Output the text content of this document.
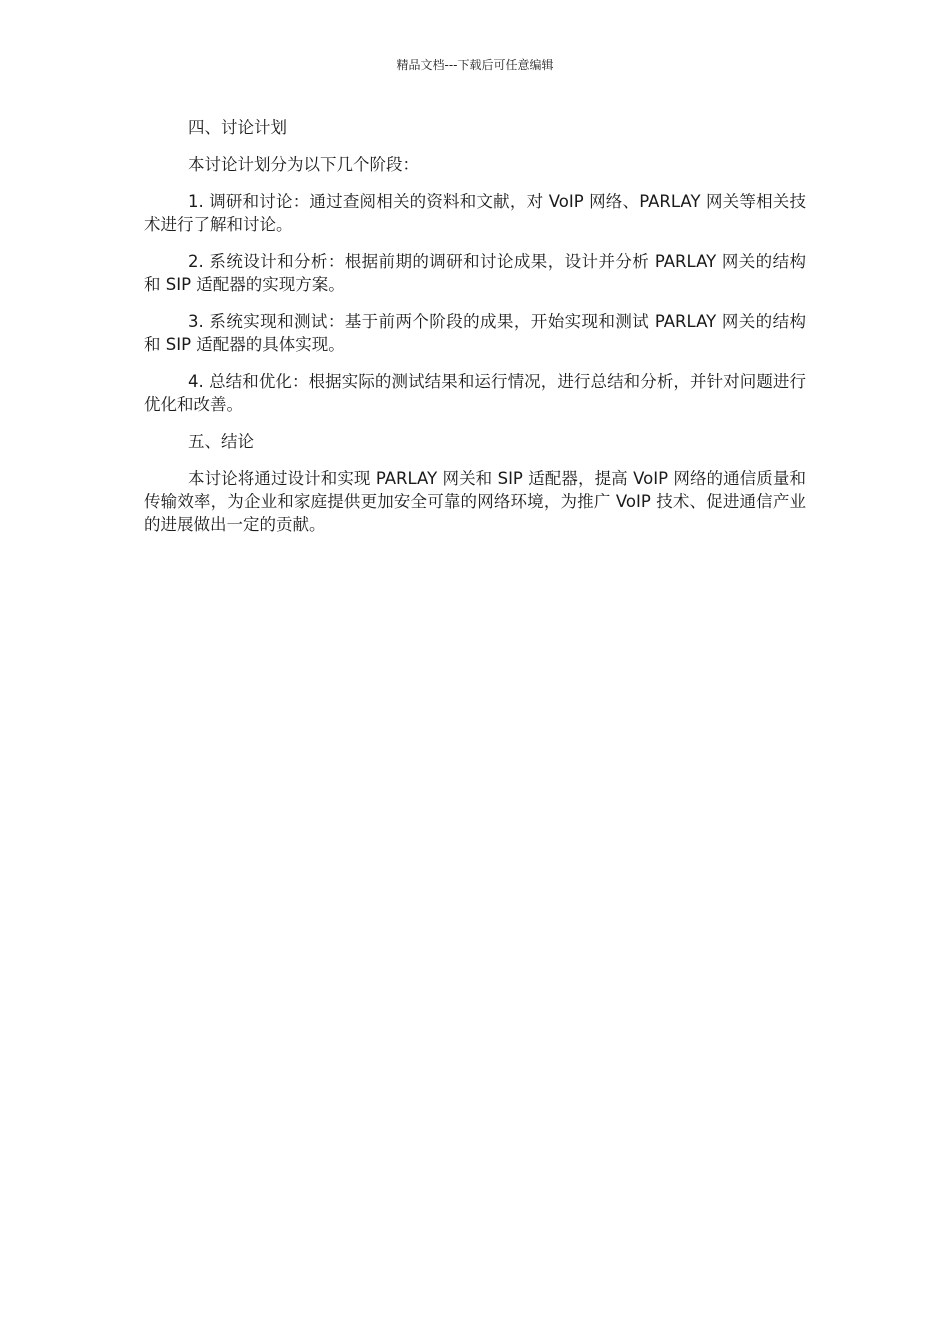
精品文档---下载后可任意编辑

四、讨论计划

本讨论计划分为以下几个阶段：

1. 调研和讨论：通过查阅相关的资料和文献，对 VoIP 网络、PARLAY 网关等相关技术进行了解和讨论。

2. 系统设计和分析：根据前期的调研和讨论成果，设计并分析 PARLAY 网关的结构和 SIP 适配器的实现方案。

3. 系统实现和测试：基于前两个阶段的成果，开始实现和测试 PARLAY 网关的结构和 SIP 适配器的具体实现。

4. 总结和优化：根据实际的测试结果和运行情况，进行总结和分析，并针对问题进行优化和改善。

五、结论

本讨论将通过设计和实现 PARLAY 网关和 SIP 适配器，提高 VoIP 网络的通信质量和传输效率，为企业和家庭提供更加安全可靠的网络环境，为推广 VoIP 技术、促进通信产业的进展做出一定的贡献。
